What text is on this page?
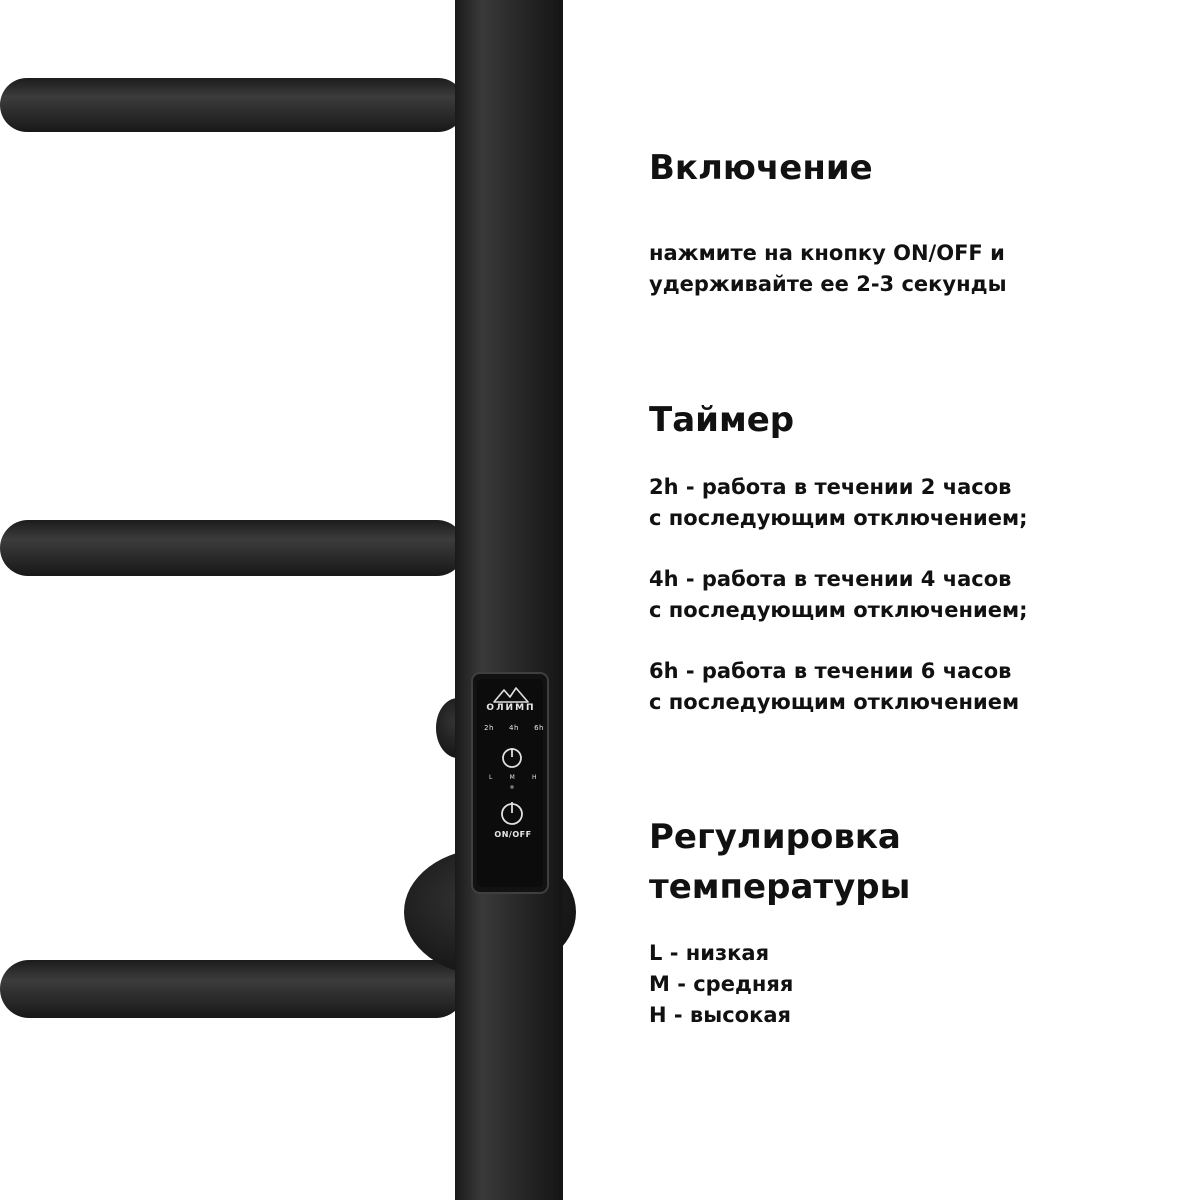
ОЛИМП
2h 4h 6h
L	M	H
ON/OFF
Включение

нажмите на кнопку ON/OFF и
удерживайте ее 2-3 секунды

Таймер

2h - работа в течении 2 часов
с последующим отключением;

4h - работа в течении 4 часов
с последующим отключением;

6h - работа в течении 6 часов
с последующим отключением

Регулировка
температуры

L - низкая
M - средняя
H - высокая
